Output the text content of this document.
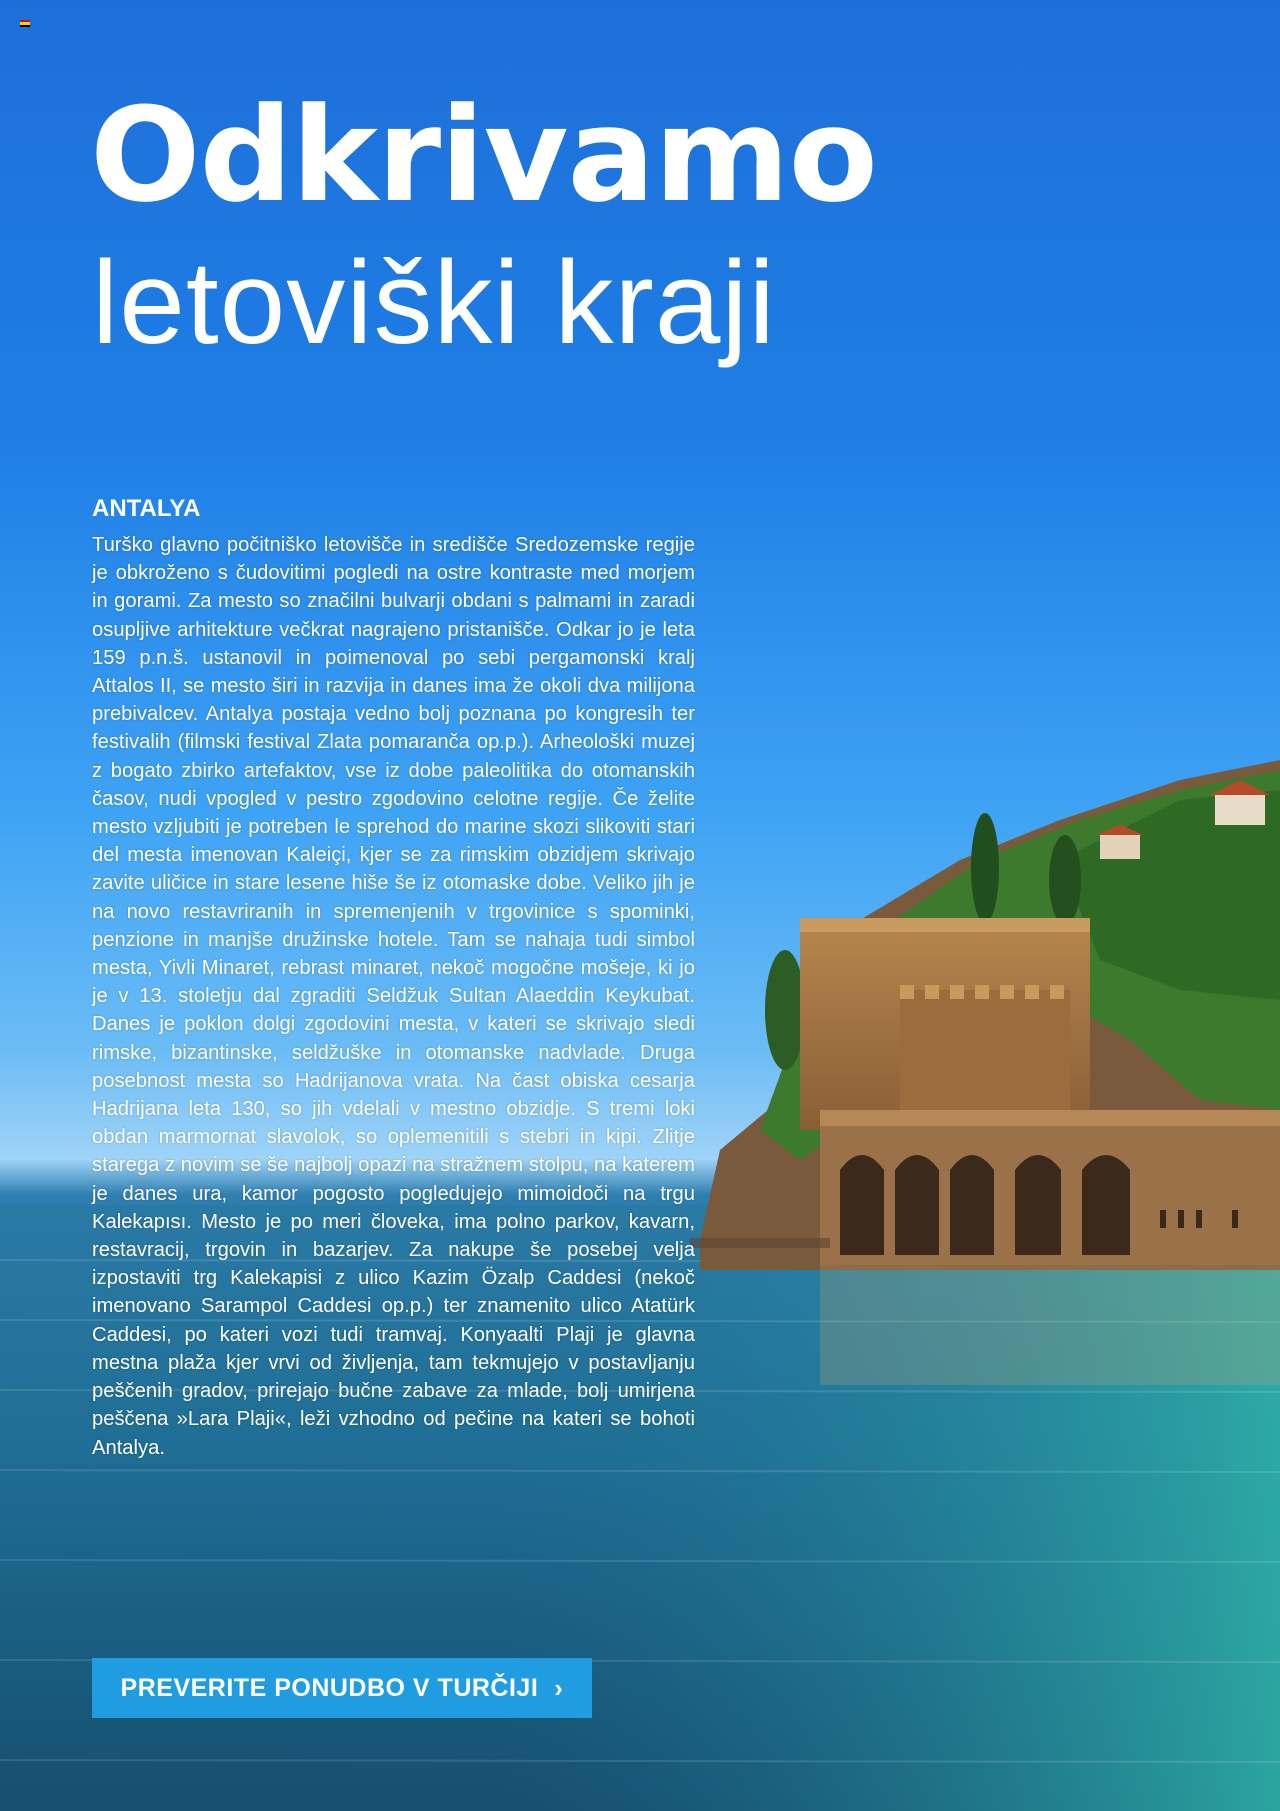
Odkrivamo
letoviški kraji
ANTALYA
Turško glavno počitniško letovišče in središče Sredozemske regije je obkroženo s čudovitimi pogledi na ostre kontraste med morjem in gorami. Za mesto so značilni bulvarji obdani s palmami in zaradi osupljive arhitekture večkrat nagrajeno pristanišče. Odkar jo je leta 159 p.n.š. ustanovil in poimenoval po sebi pergamonski kralj Attalos II, se mesto širi in razvija in danes ima že okoli dva milijona prebivalcev. Antalya postaja vedno bolj poznana po kongresih ter festivalih (filmski festival Zlata pomaranča op.p.). Arheološki muzej z bogato zbirko artefaktov, vse iz dobe paleolitika do otomanskih časov, nudi vpogled v pestro zgodovino celotne regije. Če želite mesto vzljubiti je potreben le sprehod do marine skozi slikoviti stari del mesta imenovan Kaleiçi, kjer se za rimskim obzidjem skrivajo zavite uličice in stare lesene hiše še iz otomaske dobe. Veliko jih je na novo restavriranih in spremenjenih v trgovinice s spominki, penzione in manjše družinske hotele. Tam se nahaja tudi simbol mesta, Yivli Minaret, rebrast minaret, nekoč mogočne mošeje, ki jo je v 13. stoletju dal zgraditi Seldžuk Sultan Alaeddin Keykubat. Danes je poklon dolgi zgodovini mesta, v kateri se skrivajo sledi rimske, bizantinske, seldžuške in otomanske nadvlade. Druga posebnost mesta so Hadrijanova vrata. Na čast obiska cesarja Hadrijana leta 130, so jih vdelali v mestno obzidje. S tremi loki obdan marmornat slavolok, so oplemenitili s stebri in kipi. Zlitje starega z novim se še najbolj opazi na stražnem stolpu, na katerem je danes ura, kamor pogosto pogledujejo mimoidoči na trgu Kalekapısı. Mesto je po meri človeka, ima polno parkov, kavarn, restavracij, trgovin in bazarjev. Za nakupe še posebej velja izpostaviti trg Kalekapisi z ulico Kazim Özalp Caddesi (nekoč imenovano Sarampol Caddesi op.p.) ter znamenito ulico Atatürk Caddesi, po kateri vozi tudi tramvaj. Konyaalti Plaji je glavna mestna plaža kjer vrvi od življenja, tam tekmujejo v postavljanju peščenih gradov, prirejajo bučne zabave za mlade, bolj umirjena peščena »Lara Plaji«, leži vzhodno od pečine na kateri se bohoti Antalya.
PREVERITE PONUDBO V TURČIJI ›
